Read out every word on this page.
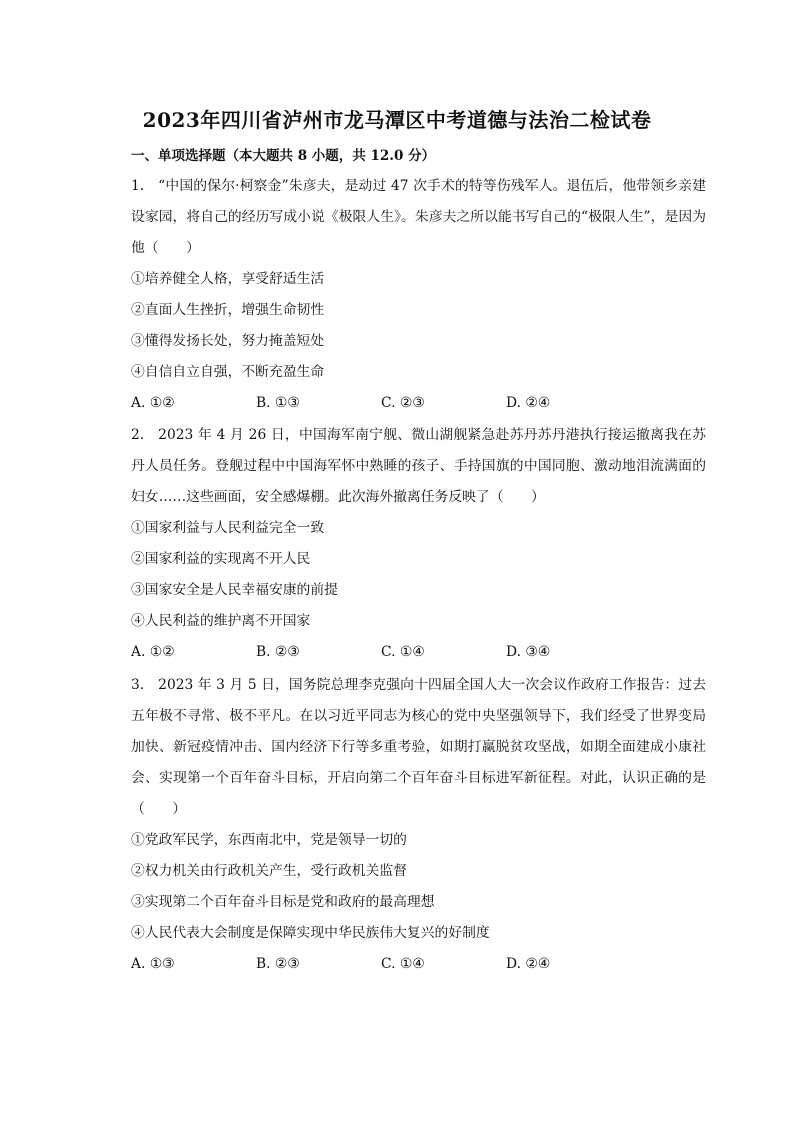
2023年四川省泸州市龙马潭区中考道德与法治二检试卷
一、单项选择题（本大题共 8 小题，共 12.0 分）

1. “中国的保尔·柯察金”朱彦夫，是动过 47 次手术的特等伤残军人。退伍后，他带领乡亲建设家园，将自己的经历写成小说《极限人生》。朱彦夫之所以能书写自己的“极限人生”，是因为他（　　）

①培养健全人格，享受舒适生活

②直面人生挫折，增强生命韧性

③懂得发扬长处，努力掩盖短处

④自信自立自强，不断充盈生命

A. ①②	B. ①③	C. ②③	D. ②④

2. 2023 年 4 月 26 日，中国海军南宁舰、微山湖舰紧急赴苏丹苏丹港执行接运撤离我在苏丹人员任务。登舰过程中中国海军怀中熟睡的孩子、手持国旗的中国同胞、激动地泪流满面的妇女……这些画面，安全感爆棚。此次海外撤离任务反映了（　　）

①国家利益与人民利益完全一致

②国家利益的实现离不开人民

③国家安全是人民幸福安康的前提

④人民利益的维护离不开国家

A. ①②	B. ②③	C. ①④	D. ③④

3. 2023 年 3 月 5 日，国务院总理李克强向十四届全国人大一次会议作政府工作报告：过去五年极不寻常、极不平凡。在以习近平同志为核心的党中央坚强领导下，我们经受了世界变局加快、新冠疫情冲击、国内经济下行等多重考验，如期打赢脱贫攻坚战，如期全面建成小康社会、实现第一个百年奋斗目标，开启向第二个百年奋斗目标进军新征程。对此，认识正确的是（　　）

①党政军民学，东西南北中，党是领导一切的

②权力机关由行政机关产生，受行政机关监督

③实现第二个百年奋斗目标是党和政府的最高理想

④人民代表大会制度是保障实现中华民族伟大复兴的好制度

A. ①③	B. ②③	C. ①④	D. ②④
